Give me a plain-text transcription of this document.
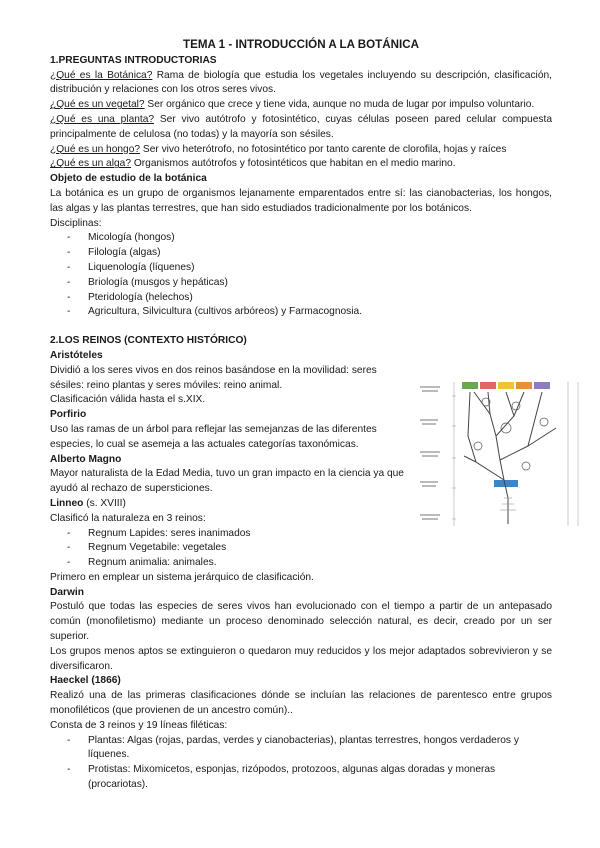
TEMA 1 - INTRODUCCIÓN A LA BOTÁNICA
1.PREGUNTAS INTRODUCTORIAS

¿Qué es la Botánica? Rama de biología que estudia los vegetales incluyendo su descripción, clasificación, distribución y relaciones con los otros seres vivos.

¿Qué es un vegetal? Ser orgánico que crece y tiene vida, aunque no muda de lugar por impulso voluntario.

¿Qué es una planta? Ser vivo autótrofo y fotosintético, cuyas células poseen pared celular compuesta principalmente de celulosa (no todas) y la mayoría son sésiles.

¿Qué es un hongo? Ser vivo heterótrofo, no fotosintético por tanto carente de clorofila, hojas y raíces

¿Qué es un alga? Organismos autótrofos y fotosintéticos que habitan en el medio marino.

Objeto de estudio de la botánica

La botánica es un grupo de organismos lejanamente emparentados entre sí: las cianobacterias, los hongos, las algas y las plantas terrestres, que han sido estudiados tradicionalmente por los botánicos.

Disciplinas:
- Micología (hongos)
- Filología (algas)
- Liquenología (líquenes)
- Briología (musgos y hepáticas)
- Pteridología (helechos)
- Agricultura, Silvicultura (cultivos arbóreos) y Farmacognosia.
2.LOS REINOS (CONTEXTO HISTÓRICO)
Aristóteles

Dividió a los seres vivos en dos reinos basándose en la movilidad: seres sésiles: reino plantas y seres móviles: reino animal.

Clasificación válida hasta el s.XIX.

Porfirio

Uso las ramas de un árbol para reflejar las semejanzas de las diferentes especies, lo cual se asemeja a las actuales categorías taxonómicas.

Alberto Magno

Mayor naturalista de la Edad Media, tuvo un gran impacto en la ciencia ya que ayudó al rechazo de supersticiones.

Linneo (s. XVIII)

Clasificó la naturaleza en 3 reinos:

- Regnum Lapides: seres inanimados
- Regnum Vegetabile: vegetales
- Regnum animalia: animales.

Primero en emplear un sistema jerárquico de clasificación.

Darwin

Postuló que todas las especies de seres vivos han evolucionado con el tiempo a partir de un antepasado común (monofiletismo) mediante un proceso denominado selección natural, es decir, creado por un ser superior.

Los grupos menos aptos se extinguieron o quedaron muy reducidos y los mejor adaptados sobrevivieron y se diversificaron.

Haeckel (1866)

Realizó una de las primeras clasificaciones dónde se incluían las relaciones de parentesco entre grupos monofiléticos (que provienen de un ancestro común)..

Consta de 3 reinos y 19 líneas filéticas:

- Plantas: Algas (rojas, pardas, verdes y cianobacterias), plantas terrestres, hongos verdaderos y líquenes.
- Protistas: Mixomicetos, esponjas, rizópodos, protozoos, algunas algas doradas y moneras (procariotas).
